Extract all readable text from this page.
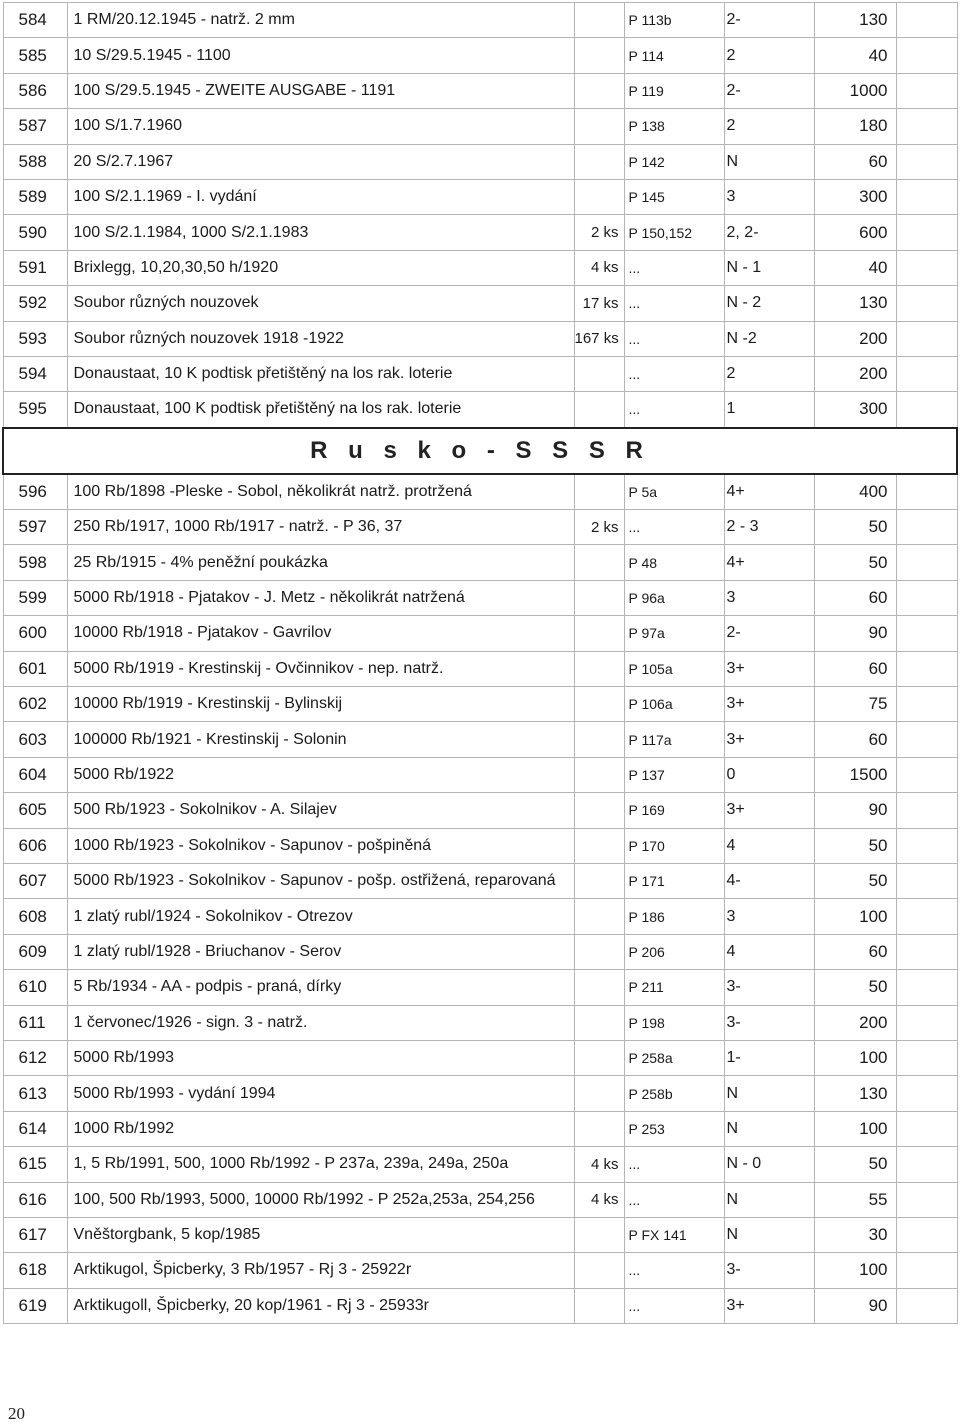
584	1 RM/20.12.1945 - natrž. 2 mm		P 113b	2-		130	
585	10 S/29.5.1945 - 1100		P 114	2		40	
586	100 S/29.5.1945 - ZWEITE AUSGABE - 1191		P 119	2-		1000	
587	100 S/1.7.1960		P 138	2		180	
588	20 S/2.7.1967		P 142	N		60	
589	100 S/2.1.1969 - I. vydání		P 145	3		300	
590	100 S/2.1.1984, 1000 S/2.1.1983	2 ks	P 150,152	2, 2-		600	
591	Brixlegg, 10,20,30,50 h/1920	4 ks	...	N - 1		40	
592	Soubor různých nouzovek	17 ks	...	N - 2		130	
593	Soubor různých nouzovek 1918 -1922	167 ks	...	N -2		200	
594	Donaustaat, 10 K podtisk přetištěný na los rak. loterie		...	2		200	
595	Donaustaat, 100 K podtisk přetištěný na los rak. loterie		...	1		300	
R u s k o - S S S R							
596	100 Rb/1898 -Pleske - Sobol, několikrát natrž. protržená		P 5a	4+		400	
597	250 Rb/1917, 1000 Rb/1917 - natrž. - P 36, 37	2 ks	...	2 - 3		50	
598	25 Rb/1915 - 4% peněžní poukázka		P 48	4+		50	
599	5000 Rb/1918 - Pjatakov - J. Metz - několikrát natržená		P 96a	3		60	
600	10000 Rb/1918 - Pjatakov - Gavrilov		P 97a	2-		90	
601	5000 Rb/1919 - Krestinskij - Ovčinnikov - nep. natrž.		P 105a	3+		60	
602	10000 Rb/1919 - Krestinskij - Bylinskij		P 106a	3+		75	
603	100000 Rb/1921 - Krestinskij - Solonin		P 117a	3+		60	
604	5000 Rb/1922		P 137	0		1500	
605	500 Rb/1923 - Sokolnikov - A. Silajev		P 169	3+		90	
606	1000 Rb/1923 - Sokolnikov - Sapunov - pošpiněná		P 170	4		50	
607	5000 Rb/1923 - Sokolnikov - Sapunov - pošp. ostřižená, reparovaná		P 171	4-		50	
608	1 zlatý rubl/1924 - Sokolnikov - Otrezov		P 186	3		100	
609	1 zlatý rubl/1928 - Briuchanov - Serov		P 206	4		60	
610	5 Rb/1934 - AA - podpis - praná, dírky		P 211	3-		50	
611	1 červonec/1926 - sign. 3 - natrž.		P 198	3-		200	
612	5000 Rb/1993		P 258a	1-		100	
613	5000 Rb/1993 - vydání 1994		P 258b	N		130	
614	1000 Rb/1992		P 253	N		100	
615	1, 5 Rb/1991, 500, 1000 Rb/1992 - P 237a, 239a, 249a, 250a	4 ks	...	N - 0		50	
616	100, 500 Rb/1993, 5000, 10000 Rb/1992 - P 252a,253a, 254,256	4 ks	...	N		55	
617	Vněštorgbank, 5 kop/1985		P FX 141	N		30	
618	Arktikugol, Špicberky, 3 Rb/1957 - Rj 3 - 25922r		...	3-		100	
619	Arktikugoll, Špicberky, 20 kop/1961 - Rj 3 - 25933r		...	3+		90	
20
